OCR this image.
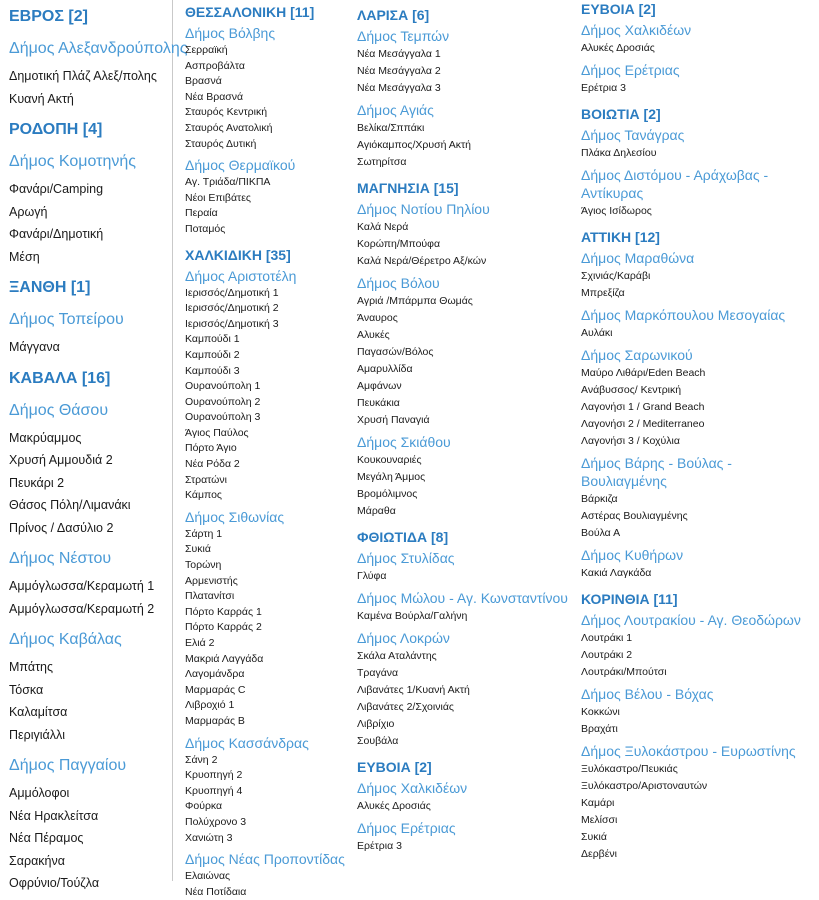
ΕΒΡΟΣ [2]
Δήμος Αλεξανδρούπολης
Δημοτική Πλάζ Αλεξ/πολης
Κυανή Ακτή
ΡΟΔΟΠΗ [4]
Δήμος Κομοτηνής
Φανάρι/Camping
Αρωγή
Φανάρι/Δημοτική
Μέση
ΞΑΝΘΗ [1]
Δήμος Τοπείρου
Μάγγανα
ΚΑΒΑΛΑ [16]
Δήμος Θάσου
Μακρύαμμος
Χρυσή Αμμουδιά 2
Πευκάρι 2
Θάσος Πόλη/Λιμανάκι
Πρίνος / Δασύλιο 2
Δήμος Νέστου
Αμμόγλωσσα/Κεραμωτή 1
Αμμόγλωσσα/Κεραμωτή 2
Δήμος Καβάλας
Μπάτης
Τόσκα
Καλαμίτσα
Περιγιάλλι
Δήμος Παγγαίου
Αμμόλοφοι
Νέα Ηρακλείτσα
Νέα Πέραμος
Σαρακήνα
Οφρύνιο/Τούζλα
ΘΕΣΣΑΛΟΝΙΚΗ [11]
Δήμος Βόλβης
Σερραϊκή
Ασπροβάλτα
Βρασνά
Νέα Βρασνά
Σταυρός Κεντρική
Σταυρός Ανατολική
Σταυρός Δυτική
Δήμος Θερμαϊκού
Αγ. Τριάδα/ΠΙΚΠΑ
Νέοι Επιβάτες
Περαία
Ποταμός
ΧΑΛΚΙΔΙΚΗ [35]
Δήμος Αριστοτέλη
Ιερισσός/Δημοτική 1
Ιερισσός/Δημοτική 2
Ιερισσός/Δημοτική 3
Καμπούδι 1
Καμπούδι 2
Καμπούδι 3
Ουρανούπολη 1
Ουρανούπολη 2
Ουρανούπολη 3
Άγιος Παύλος
Πόρτο Άγιο
Νέα Ρόδα 2
Στρατώνι
Κάμπος
Δήμος Σιθωνίας
Σάρτη 1
Συκιά
Τορώνη
Αρμενιστής
Πλατανίτσι
Πόρτο Καρράς 1
Πόρτο Καρράς 2
Ελιά 2
Μακριά Λαγγάδα
Λαγομάνδρα
Μαρμαράς C
Λιβροχιό 1
Μαρμαράς B
Δήμος Κασσάνδρας
Σάνη 2
Κρυοπηγή 2
Κρυοπηγή 4
Φούρκα
Πολύχρονο 3
Χανιώτη 3
Δήμος Νέας Προποντίδας
Ελαιώνας
Νέα Ποτίδαια
ΛΑΡΙΣΑ [6]
Δήμος Τεμπών
Νέα Μεσάγγαλα 1
Νέα Μεσάγγαλα 2
Νέα Μεσάγγαλα 3
Δήμος Αγιάς
Βελίκα/Σππάκι
Αγιόκαμπος/Χρυσή Ακτή
Σωτηρίτσα
ΜΑΓΝΗΣΙΑ [15]
Δήμος Νοτίου Πηλίου
Καλά Νερά
Κορώπη/Μπούφα
Καλά Νερά/Θέρετρο Αξ/κών
Δήμος Βόλου
Αγριά /Μπάρμπα Θωμάς
Άναυρος
Αλυκές
Παγασών/Βόλος
Αμαρυλλίδα
Αμφάνων
Πευκάκια
Χρυσή Παναγιά
Δήμος Σκιάθου
Κουκουναριές
Μεγάλη Άμμος
Βρομόλιμνος
Μάραθα
ΦΘΙΩΤΙΔΑ [8]
Δήμος Στυλίδας
Γλύφα
Δήμος Μώλου - Αγ. Κωνσταντίνου
Καμένα Βούρλα/Γαλήνη
Δήμος Λοκρών
Σκάλα Αταλάντης
Τραγάνα
Λιβανάτες 1/Κυανή Ακτή
Λιβανάτες 2/Σχοινιάς
Λιβρίχιο
Σουβάλα
ΕΥΒΟΙΑ [2]
Δήμος Χαλκιδέων
Αλυκές Δροσιάς
Δήμος Ερέτριας
Ερέτρια 3
ΕΥΒΟΙΑ [2]
Δήμος Χαλκιδέων
Αλυκές Δροσιάς
Δήμος Ερέτριας
Ερέτρια 3
ΒΟΙΩΤΙΑ [2]
Δήμος Τανάγρας
Πλάκα Δηλεσίου
Δήμος Διστόμου - Αράχωβας - Αντίκυρας
Άγιος Ισίδωρος
ΑΤΤΙΚΗ [12]
Δήμος Μαραθώνα
Σχινιάς/Καράβι
Μπρεξίζα
Δήμος Μαρκόπουλου Μεσογαίας
Αυλάκι
Δήμος Σαρωνικού
Μαύρο Λιθάρι/Eden Beach
Ανάβυσσος/ Κεντρική
Λαγονήσι 1 / Grand Beach
Λαγονήσι 2 / Mediterraneo
Λαγονήσι 3 / Κοχύλια
Δήμος Βάρης - Βούλας - Βουλιαγμένης
Βάρκιζα
Αστέρας Βουλιαγμένης
Βούλα Α
Δήμος Κυθήρων
Κακιά Λαγκάδα
ΚΟΡΙΝΘΙΑ [11]
Δήμος Λουτρακίου - Αγ. Θεοδώρων
Λουτράκι 1
Λουτράκι 2
Λουτράκι/Μπούτσι
Δήμος Βέλου - Βόχας
Κοκκώνι
Βραχάτι
Δήμος Ξυλοκάστρου - Ευρωστίνης
Ξυλόκαστρο/Πευκιάς
Ξυλόκαστρο/Αριστοναυτών
Καμάρι
Μελίσσι
Συκιά
Δερβένι
